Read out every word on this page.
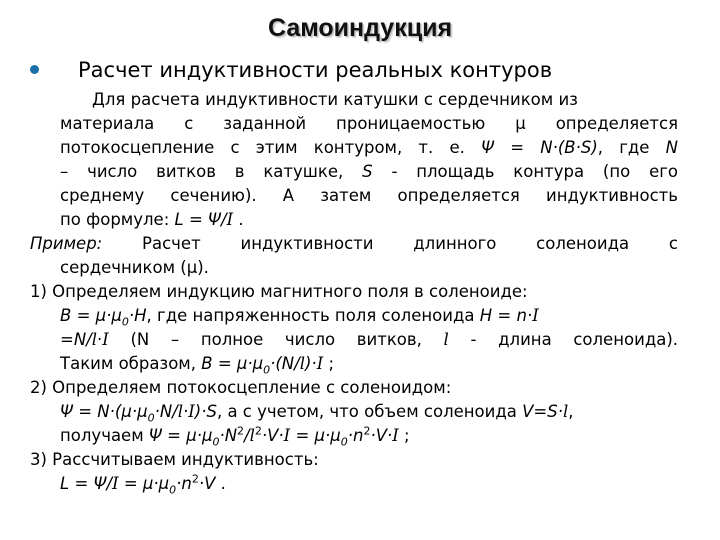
Самоиндукция
Расчет индуктивности реальных контуров
Для расчета индуктивности катушки с сердечником из
материала с заданной проницаемостью μ определяется
потокосцепление с этим контуром, т. е. Ψ = N·(B·S), где N
– число витков в катушке, S - площадь контура (по его
среднему сечению). А затем определяется индуктивность
по формуле: L = Ψ/I .
Пример: Расчет индуктивности длинного соленоида с
сердечником (μ).
1) Определяем индукцию магнитного поля в соленоиде:
$B = \mu\cdot\mu_0\cdot H$, где напряженность поля соленоида H = n·I
=N/l·I (N – полное число витков, l - длина соленоида).
Таким образом, $B = \mu\cdot\mu_0\cdot(N/l)\cdot I$ ;
2) Определяем потокосцепление с соленоидом:
$\Psi = N\cdot(\mu\cdot\mu_0\cdot N/l\cdot I)\cdot S$, а с учетом, что объем соленоида V=S·l,
получаем $\Psi = \mu\cdot\mu_0\cdot N^2/l^2\cdot V\cdot I = \mu\cdot\mu_0\cdot n^2\cdot V\cdot I$ ;
3) Рассчитываем индуктивность:
$L = \Psi/I = \mu\cdot\mu_0\cdot n^2\cdot V$ .
